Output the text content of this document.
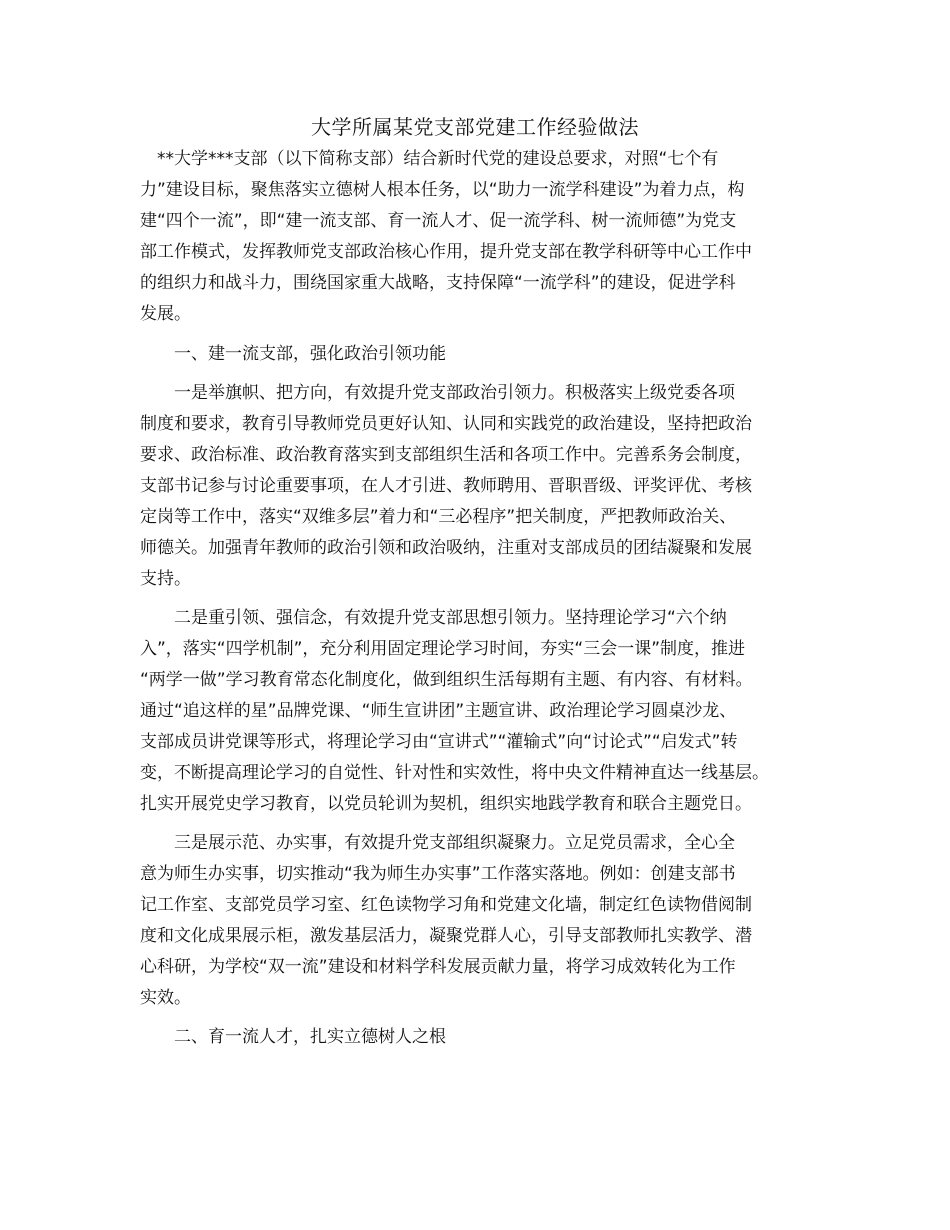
大学所属某党支部党建工作经验做法
　**大学***支部（以下简称支部）结合新时代党的建设总要求，对照“七个有
力”建设目标，聚焦落实立德树人根本任务，以“助力一流学科建设”为着力点，构
建“四个一流”，即“建一流支部、育一流人才、促一流学科、树一流师德”为党支
部工作模式，发挥教师党支部政治核心作用，提升党支部在教学科研等中心工作中
的组织力和战斗力，围绕国家重大战略，支持保障“一流学科”的建设，促进学科
发展。
　　一、建一流支部，强化政治引领功能
　　一是举旗帜、把方向，有效提升党支部政治引领力。积极落实上级党委各项
制度和要求，教育引导教师党员更好认知、认同和实践党的政治建设，坚持把政治
要求、政治标准、政治教育落实到支部组织生活和各项工作中。完善系务会制度，
支部书记参与讨论重要事项，在人才引进、教师聘用、晋职晋级、评奖评优、考核
定岗等工作中，落实“双维多层”着力和“三必程序”把关制度，严把教师政治关、
师德关。加强青年教师的政治引领和政治吸纳，注重对支部成员的团结凝聚和发展
支持。
　　二是重引领、强信念，有效提升党支部思想引领力。坚持理论学习“六个纳
入”，落实“四学机制”，充分利用固定理论学习时间，夯实“三会一课”制度，推进
“两学一做”学习教育常态化制度化，做到组织生活每期有主题、有内容、有材料。
通过“追这样的星”品牌党课、“师生宣讲团”主题宣讲、政治理论学习圆桌沙龙、
支部成员讲党课等形式，将理论学习由“宣讲式”“灌输式”向“讨论式”“启发式”转
变，不断提高理论学习的自觉性、针对性和实效性，将中央文件精神直达一线基层。
扎实开展党史学习教育，以党员轮训为契机，组织实地践学教育和联合主题党日。
　　三是展示范、办实事，有效提升党支部组织凝聚力。立足党员需求，全心全
意为师生办实事，切实推动“我为师生办实事”工作落实落地。例如：创建支部书
记工作室、支部党员学习室、红色读物学习角和党建文化墙，制定红色读物借阅制
度和文化成果展示柜，激发基层活力，凝聚党群人心，引导支部教师扎实教学、潜
心科研，为学校“双一流”建设和材料学科发展贡献力量，将学习成效转化为工作
实效。
　　二、育一流人才，扎实立德树人之根
